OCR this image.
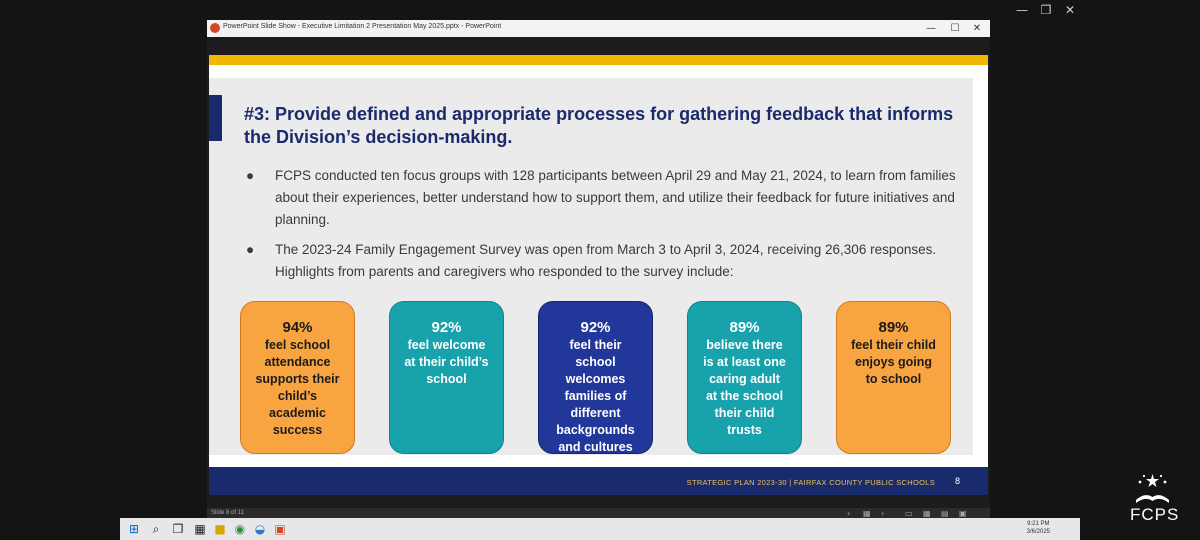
—	❐	✕
PowerPoint Slide Show - Executive Limitation 2 Presentation May 2025.pptx - PowerPoint	—	☐	✕
#3: Provide defined and appropriate processes for gathering feedback that informs the Division’s decision-making.
● FCPS conducted ten focus groups with 128 participants between April 29 and May 21, 2024, to learn from families about their experiences, better understand how to support them, and utilize their feedback for future initiatives and planning.
● The 2023-24 Family Engagement Survey was open from March 3 to April 3, 2024, receiving 26,306 responses. Highlights from parents and caregivers who responded to the survey include:
94%
feel school
attendance
supports their
child’s
academic
success
92%
feel welcome
at their child’s
school
92%
feel their
school
welcomes
families of
different
backgrounds
and cultures
89%
believe there
is at least one
caring adult
at the school
their child
trusts
89%
feel their child
enjoys going
to school
STRATEGIC PLAN 2023-30 | FAIRFAX COUNTY PUBLIC SCHOOLS 8
Slide 8 of 11	‹ ▦ ›	▭ ▦ ▤ ▣
⊞	⌕	❐ ▦ ■ ◉ ◒ ▣	9:21 PM
3/6/2025
FCPS
